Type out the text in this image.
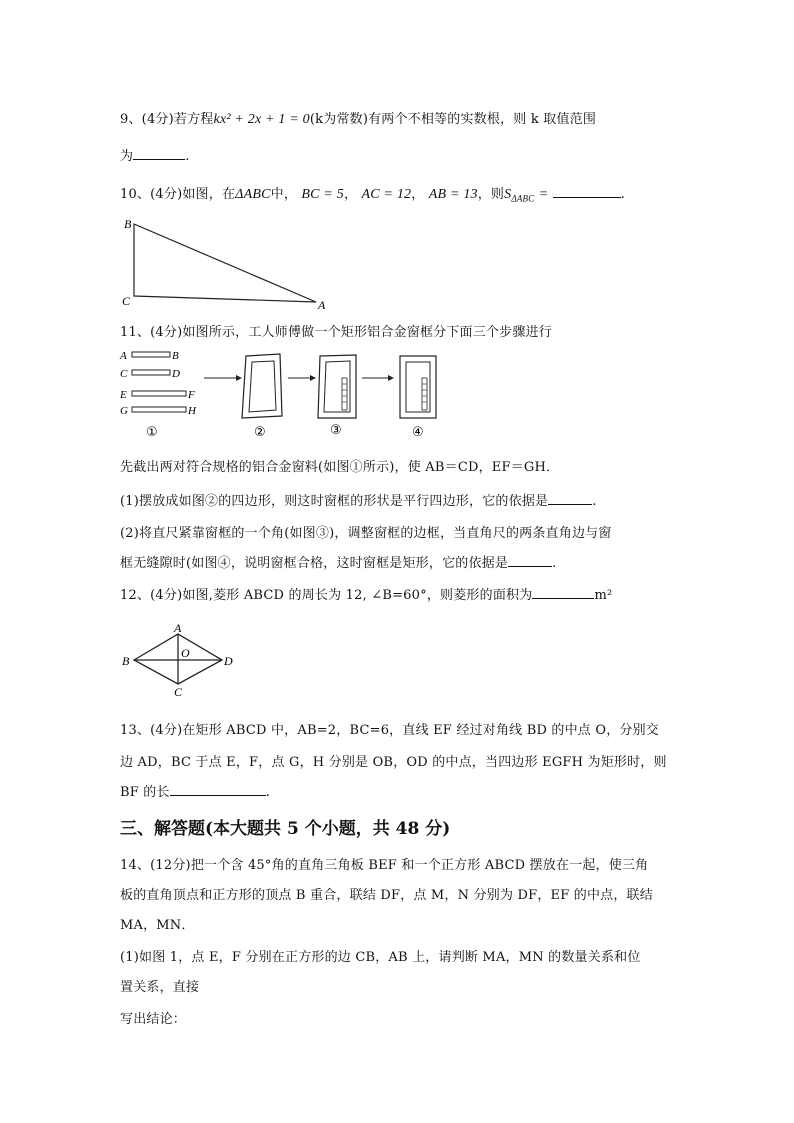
9、(4分)若方程kx² + 2x + 1 = 0(k为常数)有两个不相等的实数根，则 k 取值范围
为	.
10、(4分)如图，在ΔABC中， BC = 5， AC = 12， AB = 13，则$S_{\Delta ABC}$ =	.
B
C	A
11、(4分)如图所示，工人师傅做一个矩形铝合金窗框分下面三个步骤进行
A	B
C	D
E	F
G	H
①	②	③	④
先截出两对符合规格的铝合金窗料(如图①所示)，使 AB＝CD，EF＝GH．
(1)摆放成如图②的四边形，则这时窗框的形状是平行四边形，它的依据是	.
(2)将直尺紧靠窗框的一个角(如图③)，调整窗框的边框，当直角尺的两条直角边与窗
框无缝隙时(如图④，说明窗框合格，这时窗框是矩形，它的依据是	.
12、(4分)如图,菱形 ABCD 的周长为 12, ∠B=60°，则菱形的面积为	m²
A
B
C
D
O
13、(4分)在矩形 ABCD 中，AB=2，BC=6，直线 EF 经过对角线 BD 的中点 O，分别交
边 AD，BC 于点 E，F，点 G，H 分别是 OB，OD 的中点，当四边形 EGFH 为矩形时，则
BF 的长	.
三、解答题(本大题共 5 个小题，共 48 分)
14、(12分)把一个含 45°角的直角三角板 BEF 和一个正方形 ABCD 摆放在一起，使三角
板的直角顶点和正方形的顶点 B 重合，联结 DF，点 M，N 分别为 DF，EF 的中点，联结
MA，MN．
(1)如图 1，点 E，F 分别在正方形的边 CB，AB 上，请判断 MA，MN 的数量关系和位
置关系，直接
写出结论：
